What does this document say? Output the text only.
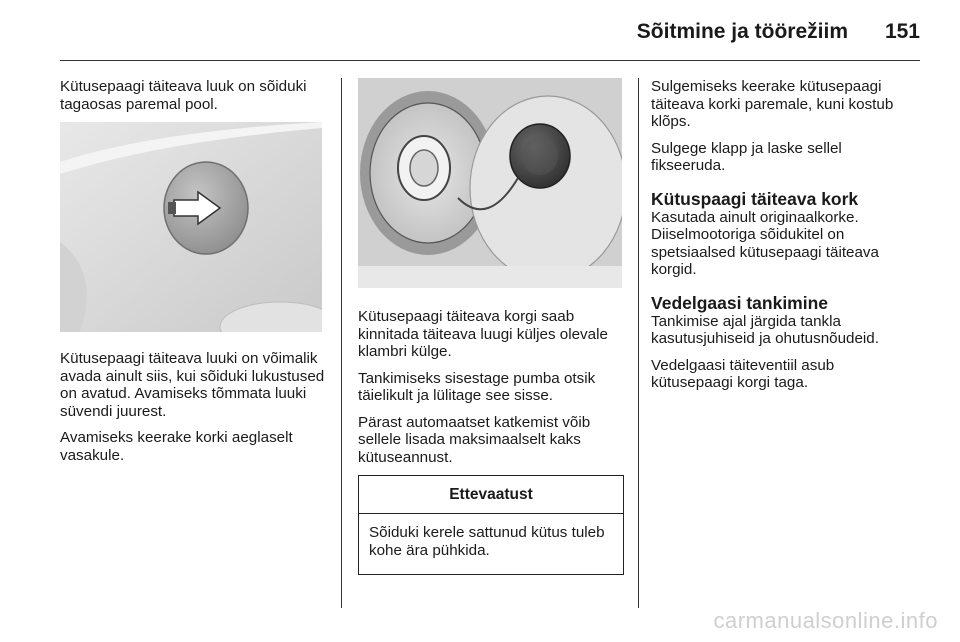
Sõitmine ja töörežiim 151

Kütusepaagi täiteava luuk on sõiduki tagaosas paremal pool.

Kütusepaagi täiteava luuki on võimalik avada ainult siis, kui sõiduki lukustused on avatud. Avamiseks tõmmata luuki süvendi juurest.

Avamiseks keerake korki aeglaselt vasakule.

Kütusepaagi täiteava korgi saab kinnitada täiteava luugi küljes olevale klambri külge.

Tankimiseks sisestage pumba otsik täielikult ja lülitage see sisse.

Pärast automaatset katkemist võib sellele lisada maksimaalselt kaks kütuseannust.

Ettevaatust

Sõiduki kerele sattunud kütus tuleb kohe ära pühkida.

Sulgemiseks keerake kütusepaagi täiteava korki paremale, kuni kostub klõps.

Sulgege klapp ja laske sellel fikseeruda.

Kütuspaagi täiteava kork

Kasutada ainult originaalkorke. Diiselmootoriga sõidukitel on spetsiaalsed kütusepaagi täiteava korgid.

Vedelgaasi tankimine

Tankimise ajal järgida tankla kasutusjuhiseid ja ohutusnõudeid.

Vedelgaasi täiteventiil asub kütusepaagi korgi taga.

carmanualsonline.info
